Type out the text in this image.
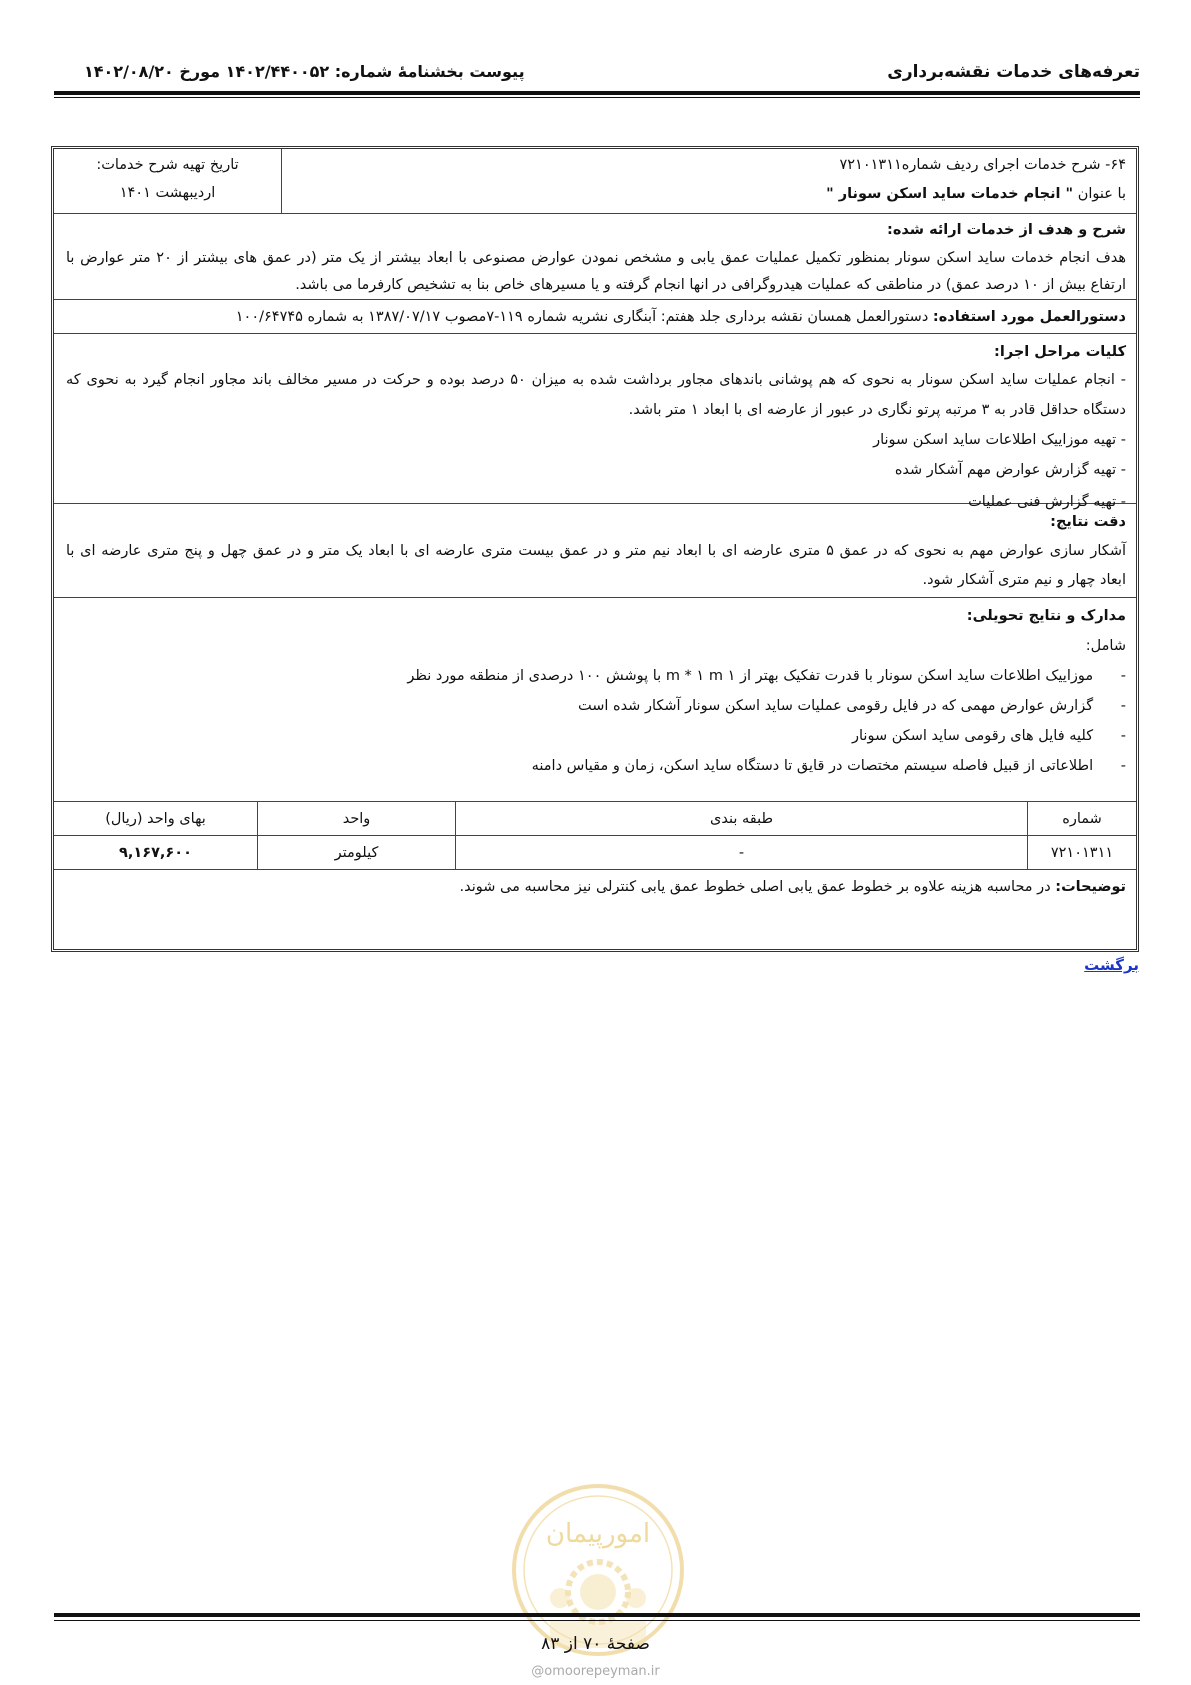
تعرفه‌های خدمات نقشه‌برداری
پیوست بخشنامۀ شماره: ۱۴۰۲/۴۴۰۰۵۲ مورخ ۱۴۰۲/۰۸/۲۰
۶۴- شرح خدمات اجرای ردیف شماره۷۲۱۰۱۳۱۱
با عنوان " انجام خدمات ساید اسکن سونار "
تاریخ تهیه شرح خدمات:
اردیبهشت ۱۴۰۱
شرح و هدف از خدمات ارائه شده:
هدف انجام خدمات ساید اسکن سونار بمنظور تکمیل عملیات عمق یابی و مشخص نمودن عوارض مصنوعی با ابعاد بیشتر از یک متر (در عمق های بیشتر از ۲۰ متر عوارض با
ارتفاع بیش از ۱۰ درصد عمق) در مناطقی که عملیات هیدروگرافی در انها انجام گرفته و یا مسیرهای خاص بنا به تشخیص کارفرما می باشد.
دستورالعمل مورد استفاده: دستورالعمل همسان نقشه برداری جلد هفتم: آبنگاری نشریه شماره ۱۱۹-۷مصوب ۱۳۸۷/۰۷/۱۷ به شماره ۱۰۰/۶۴۷۴۵
کلیات مراحل اجرا:
- انجام عملیات ساید اسکن سونار به نحوی که هم پوشانی باندهای مجاور برداشت شده به میزان ۵۰ درصد بوده و حرکت در مسیر مخالف باند مجاور انجام گیرد به نحوی که
دستگاه حداقل قادر به ۳ مرتبه پرتو نگاری در عبور از عارضه ای با ابعاد ۱ متر باشد.
- تهیه موزاییک اطلاعات ساید اسکن سونار
- تهیه گزارش عوارض مهم آشکار شده
- تهیه گزارش فنی عملیات
دقت نتایج:
آشکار سازی عوارض مهم به نحوی که در عمق ۵ متری عارضه ای با ابعاد نیم متر و در عمق بیست متری عارضه ای با ابعاد یک متر و در عمق چهل و پنج متری عارضه ای با
ابعاد چهار و نیم متری آشکار شود.
مدارک و نتایج تحویلی:
شامل:
-      موزاییک اطلاعات ساید اسکن سونار با قدرت تفکیک بهتر از ۱ m * ۱ m با پوشش ۱۰۰ درصدی از منطقه مورد نظر
-      گزارش عوارض مهمی که در فایل رقومی عملیات ساید اسکن سونار آشکار شده است
-      کلیه فایل های رقومی ساید اسکن سونار
-      اطلاعاتی از قبیل فاصله سیستم مختصات در قایق تا دستگاه ساید اسکن، زمان و مقیاس دامنه
شماره
طبقه بندی
واحد
بهای واحد (ریال)
۷۲۱۰۱۳۱۱
-
کیلومتر
۹,۱۶۷,۶۰۰
توضیحات: در محاسبه هزینه علاوه بر خطوط عمق یابی اصلی خطوط عمق یابی کنترلی نیز محاسبه می شوند.
برگشت
امورپیمان
صفحۀ ۷۰ از ۸۳
@omoorepeyman.ir
